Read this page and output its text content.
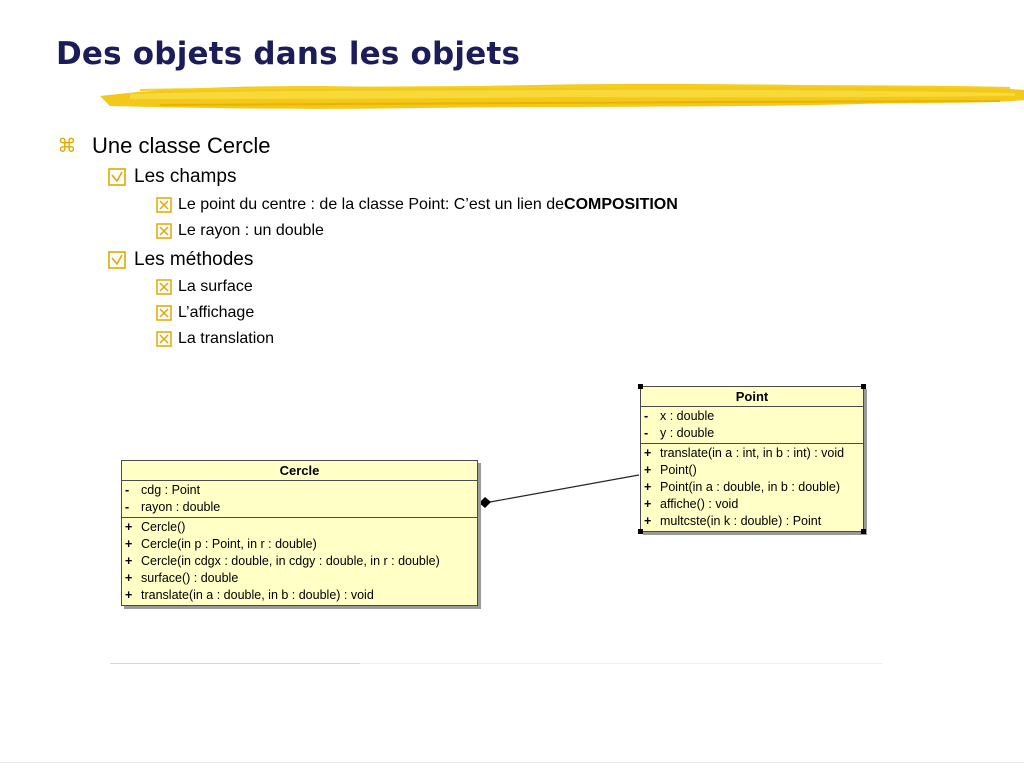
Des objets dans les objets
⌘ Une classe Cercle
Les champs
Le point du centre : de la classe Point: C’est un lien de COMPOSITION
Le rayon : un double
Les méthodes
La surface
L’affichage
La translation
Cercle
- cdg : Point
- rayon : double
+ Cercle()
+ Cercle(in p : Point, in r : double)
+ Cercle(in cdgx : double, in cdgy : double, in r : double)
+ surface() : double
+ translate(in a : double, in b : double) : void
Point
- x : double
- y : double
+ translate(in a : int, in b : int) : void
+ Point()
+ Point(in a : double, in b : double)
+ affiche() : void
+ multcste(in k : double) : Point
